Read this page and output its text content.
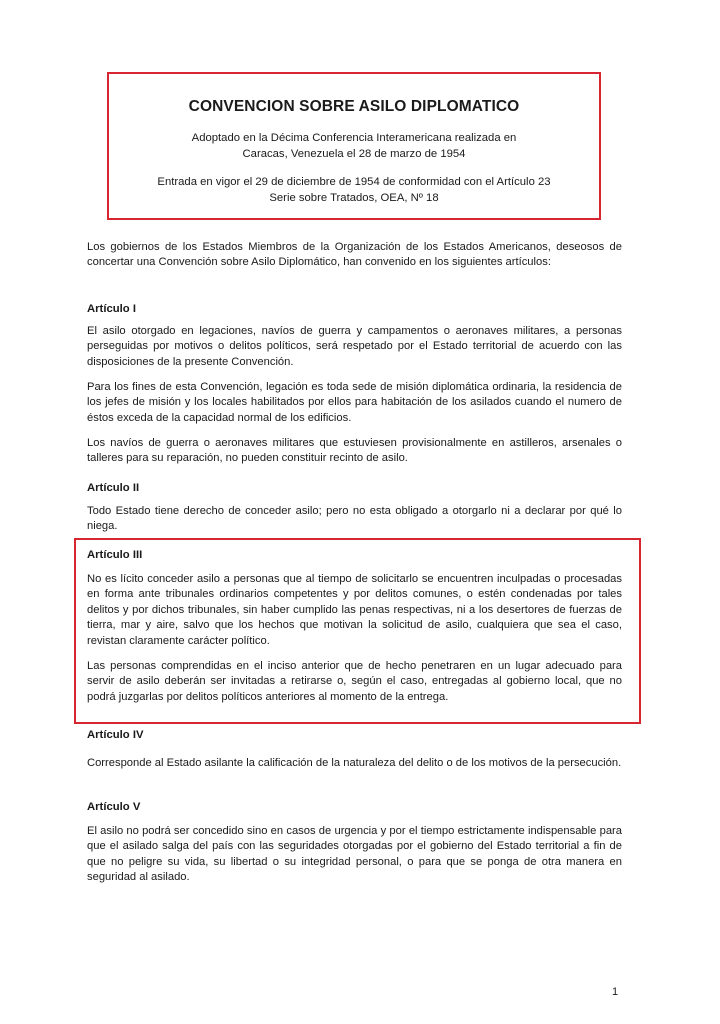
CONVENCION SOBRE ASILO DIPLOMATICO

Adoptado en la Décima Conferencia Interamericana realizada en
Caracas, Venezuela el 28 de marzo de 1954

Entrada en vigor el 29 de diciembre de 1954 de conformidad con el Artículo 23
Serie sobre Tratados, OEA, Nº 18

Los gobiernos de los Estados Miembros de la Organización de los Estados Americanos, deseosos de concertar una Convención sobre Asilo Diplomático, han convenido en los siguientes artículos:

Artículo I

El asilo otorgado en legaciones, navíos de guerra y campamentos o aeronaves militares, a personas perseguidas por motivos o delitos políticos, será respetado por el Estado territorial de acuerdo con las disposiciones de la presente Convención.

Para los fines de esta Convención, legación es toda sede de misión diplomática ordinaria, la residencia de los jefes de misión y los locales habilitados por ellos para habitación de los asilados cuando el numero de éstos exceda de la capacidad normal de los edificios.

Los navíos de guerra o aeronaves militares que estuviesen provisionalmente en astilleros, arsenales o talleres para su reparación, no pueden constituir recinto de asilo.

Artículo II

Todo Estado tiene derecho de conceder asilo; pero no esta obligado a otorgarlo ni a declarar por qué lo niega.

Artículo III

No es lícito conceder asilo a personas que al tiempo de solicitarlo se encuentren inculpadas o procesadas en forma ante tribunales ordinarios competentes y por delitos comunes, o estén condenadas por tales delitos y por dichos tribunales, sin haber cumplido las penas respectivas, ni a los desertores de fuerzas de tierra, mar y aire, salvo que los hechos que motivan la solicitud de asilo, cualquiera que sea el caso, revistan claramente carácter político.

Las personas comprendidas en el inciso anterior que de hecho penetraren en un lugar adecuado para servir de asilo deberán ser invitadas a retirarse o, según el caso, entregadas al gobierno local, que no podrá juzgarlas por delitos políticos anteriores al momento de la entrega.

Artículo IV

Corresponde al Estado asilante la calificación de la naturaleza del delito o de los motivos de la persecución.

Artículo V

El asilo no podrá ser concedido sino en casos de urgencia y por el tiempo estrictamente indispensable para que el asilado salga del país con las seguridades otorgadas por el gobierno del Estado territorial a fin de que no peligre su vida, su libertad o su integridad personal, o para que se ponga de otra manera en seguridad al asilado.

1
